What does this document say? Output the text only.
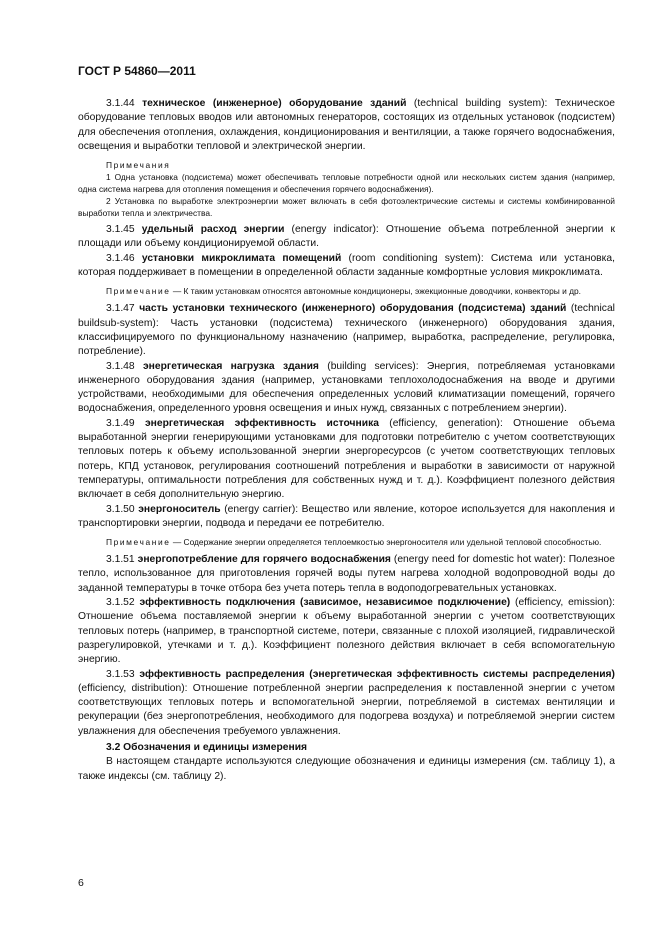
ГОСТ Р 54860—2011

3.1.44 техническое (инженерное) оборудование зданий (technical building system): Техническое оборудование тепловых вводов или автономных генераторов, состоящих из отдельных установок (подсистем) для обеспечения отопления, охлаждения, кондиционирования и вентиляции, а также горячего водоснабжения, освещения и выработки тепловой и электрической энергии.

Примечания

1 Одна установка (подсистема) может обеспечивать тепловые потребности одной или нескольких систем здания (например, одна система нагрева для отопления помещения и обеспечения горячего водоснабжения).

2 Установка по выработке электроэнергии может включать в себя фотоэлектрические системы и системы комбинированной выработки тепла и электричества.

3.1.45 удельный расход энергии (energy indicator): Отношение объема потребленной энергии к площади или объему кондиционируемой области.

3.1.46 установки микроклимата помещений (room conditioning system): Система или установка, которая поддерживает в помещении в определенной области заданные комфортные условия микроклимата.

Примечание — К таким установкам относятся автономные кондиционеры, эжекционные доводчики, конвекторы и др.

3.1.47 часть установки технического (инженерного) оборудования (подсистема) зданий (technical buildsub-system): Часть установки (подсистема) технического (инженерного) оборудования здания, классифицируемого по функциональному назначению (например, выработка, распределение, регулировка, потребление).

3.1.48 энергетическая нагрузка здания (building services): Энергия, потребляемая установками инженерного оборудования здания (например, установками теплохолодоснабжения на вводе и другими устройствами, необходимыми для обеспечения определенных условий климатизации помещений, горячего водоснабжения, определенного уровня освещения и иных нужд, связанных с потреблением энергии).

3.1.49 энергетическая эффективность источника (efficiency, generation): Отношение объема выработанной энергии генерирующими установками для подготовки потребителю с учетом соответствующих тепловых потерь к объему использованной энергии энергоресурсов (с учетом соответствующих тепловых потерь, КПД установок, регулирования соотношений потребления и выработки в зависимости от наружной температуры, оптимальности потребления для собственных нужд и т. д.). Коэффициент полезного действия включает в себя дополнительную энергию.

3.1.50 энергоноситель (energy carrier): Вещество или явление, которое используется для накопления и транспортировки энергии, подвода и передачи ее потребителю.

Примечание — Содержание энергии определяется теплоемкостью энергоносителя или удельной тепловой способностью.

3.1.51 энергопотребление для горячего водоснабжения (energy need for domestic hot water): Полезное тепло, использованное для приготовления горячей воды путем нагрева холодной водопроводной воды до заданной температуры в точке отбора без учета потерь тепла в водоподогревательных установках.

3.1.52 эффективность подключения (зависимое, независимое подключение) (efficiency, emission): Отношение объема поставляемой энергии к объему выработанной энергии с учетом соответствующих тепловых потерь (например, в транспортной системе, потери, связанные с плохой изоляцией, гидравлической разрегулировкой, утечками и т. д.). Коэффициент полезного действия включает в себя вспомогательную энергию.

3.1.53 эффективность распределения (энергетическая эффективность системы распределения) (efficiency, distribution): Отношение потребленной энергии распределения к поставленной энергии с учетом соответствующих тепловых потерь и вспомогательной энергии, потребляемой в системах вентиляции и рекуперации (без энергопотребления, необходимого для подогрева воздуха) и потребляемой энергии систем увлажнения для обеспечения требуемого увлажнения.

3.2 Обозначения и единицы измерения

В настоящем стандарте используются следующие обозначения и единицы измерения (см. таблицу 1), а также индексы (см. таблицу 2).

6
